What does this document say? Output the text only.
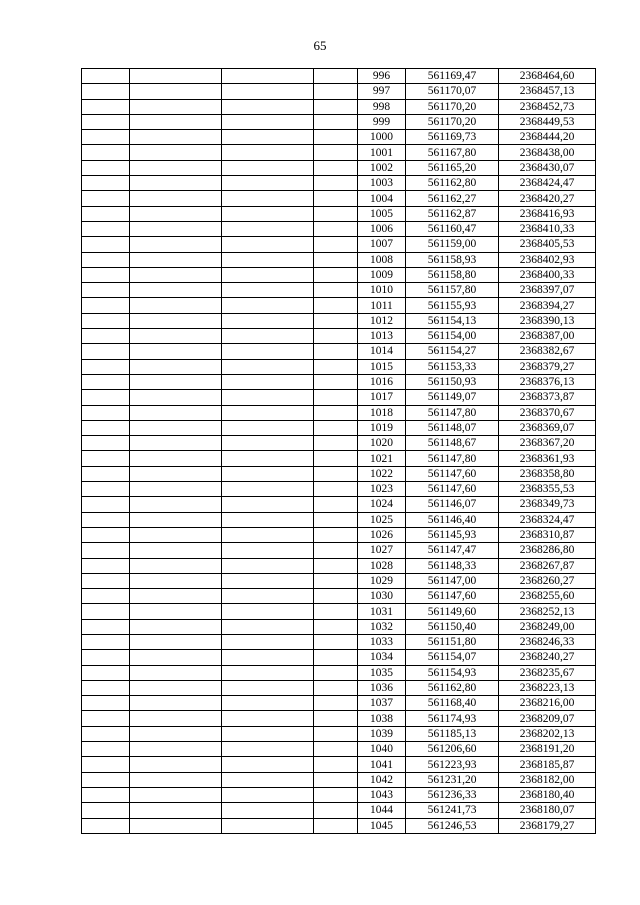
65
				996	561169,47	2368464,60
				997	561170,07	2368457,13
				998	561170,20	2368452,73
				999	561170,20	2368449,53
				1000	561169,73	2368444,20
				1001	561167,80	2368438,00
				1002	561165,20	2368430,07
				1003	561162,80	2368424,47
				1004	561162,27	2368420,27
				1005	561162,87	2368416,93
				1006	561160,47	2368410,33
				1007	561159,00	2368405,53
				1008	561158,93	2368402,93
				1009	561158,80	2368400,33
				1010	561157,80	2368397,07
				1011	561155,93	2368394,27
				1012	561154,13	2368390,13
				1013	561154,00	2368387,00
				1014	561154,27	2368382,67
				1015	561153,33	2368379,27
				1016	561150,93	2368376,13
				1017	561149,07	2368373,87
				1018	561147,80	2368370,67
				1019	561148,07	2368369,07
				1020	561148,67	2368367,20
				1021	561147,80	2368361,93
				1022	561147,60	2368358,80
				1023	561147,60	2368355,53
				1024	561146,07	2368349,73
				1025	561146,40	2368324,47
				1026	561145,93	2368310,87
				1027	561147,47	2368286,80
				1028	561148,33	2368267,87
				1029	561147,00	2368260,27
				1030	561147,60	2368255,60
				1031	561149,60	2368252,13
				1032	561150,40	2368249,00
				1033	561151,80	2368246,33
				1034	561154,07	2368240,27
				1035	561154,93	2368235,67
				1036	561162,80	2368223,13
				1037	561168,40	2368216,00
				1038	561174,93	2368209,07
				1039	561185,13	2368202,13
				1040	561206,60	2368191,20
				1041	561223,93	2368185,87
				1042	561231,20	2368182,00
				1043	561236,33	2368180,40
				1044	561241,73	2368180,07
				1045	561246,53	2368179,27
